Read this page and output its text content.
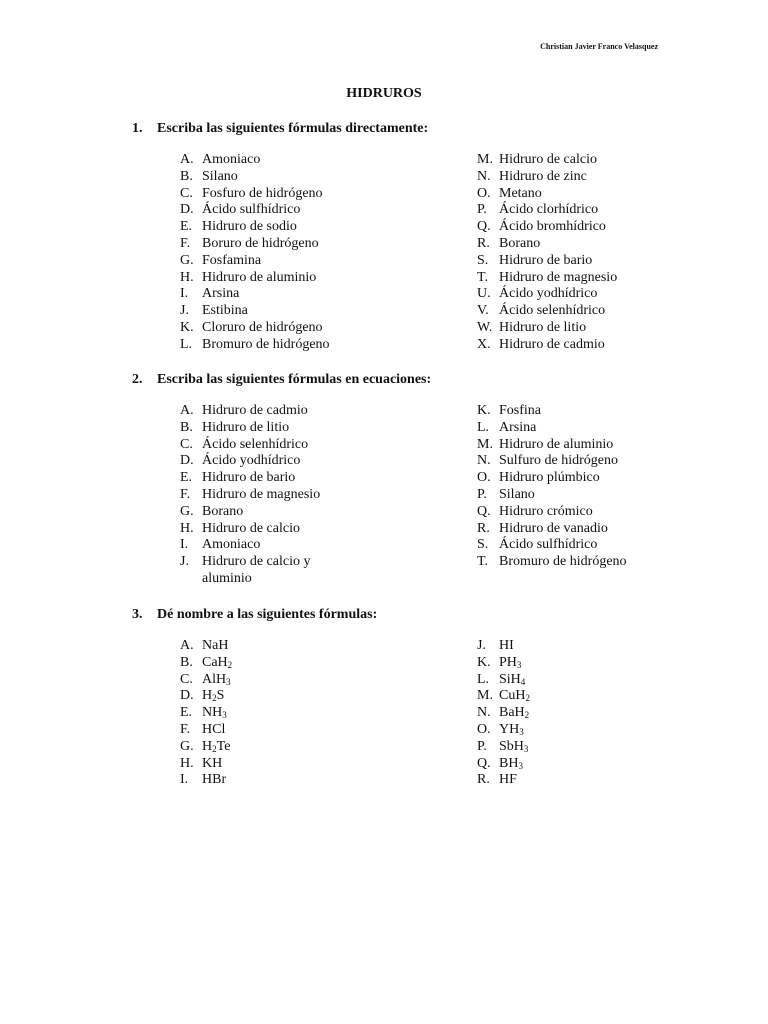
Christian Javier Franco Velasquez
HIDRUROS
1. Escriba las siguientes fórmulas directamente:
A. Amoniaco
B. Silano
C. Fosfuro de hidrógeno
D. Ácido sulfhídrico
E. Hidruro de sodio
F. Boruro de hidrógeno
G. Fosfamina
H. Hidruro de aluminio
I. Arsina
J. Estibina
K. Cloruro de hidrógeno
L. Bromuro de hidrógeno
M. Hidruro de calcio
N. Hidruro de zinc
O. Metano
P. Ácido clorhídrico
Q. Ácido bromhídrico
R. Borano
S. Hidruro de bario
T. Hidruro de magnesio
U. Ácido yodhídrico
V. Ácido selenhídrico
W. Hidruro de litio
X. Hidruro de cadmio
2. Escriba las siguientes fórmulas en ecuaciones:
A. Hidruro de cadmio
B. Hidruro de litio
C. Ácido selenhídrico
D. Ácido yodhídrico
E. Hidruro de bario
F. Hidruro de magnesio
G. Borano
H. Hidruro de calcio
I. Amoniaco
J. Hidruro de calcio y aluminio
K. Fosfina
L. Arsina
M. Hidruro de aluminio
N. Sulfuro de hidrógeno
O. Hidruro plúmbico
P. Silano
Q. Hidruro crómico
R. Hidruro de vanadio
S. Ácido sulfhídrico
T. Bromuro de hidrógeno
3. Dé nombre a las siguientes fórmulas:
A. NaH
B. CaH$_2$
C. AlH$_3$
D. $H_2S$
E. $NH_3$
F. HCl
G. $H_2Te$
H. KH
I. HBr
J. HI
K. $PH_3$
L. SiH$_4$
M. CuH$_2$
N. BaH$_2$
O. $YH_3$
P. SbH$_3$
Q. $BH_3$
R. HF
